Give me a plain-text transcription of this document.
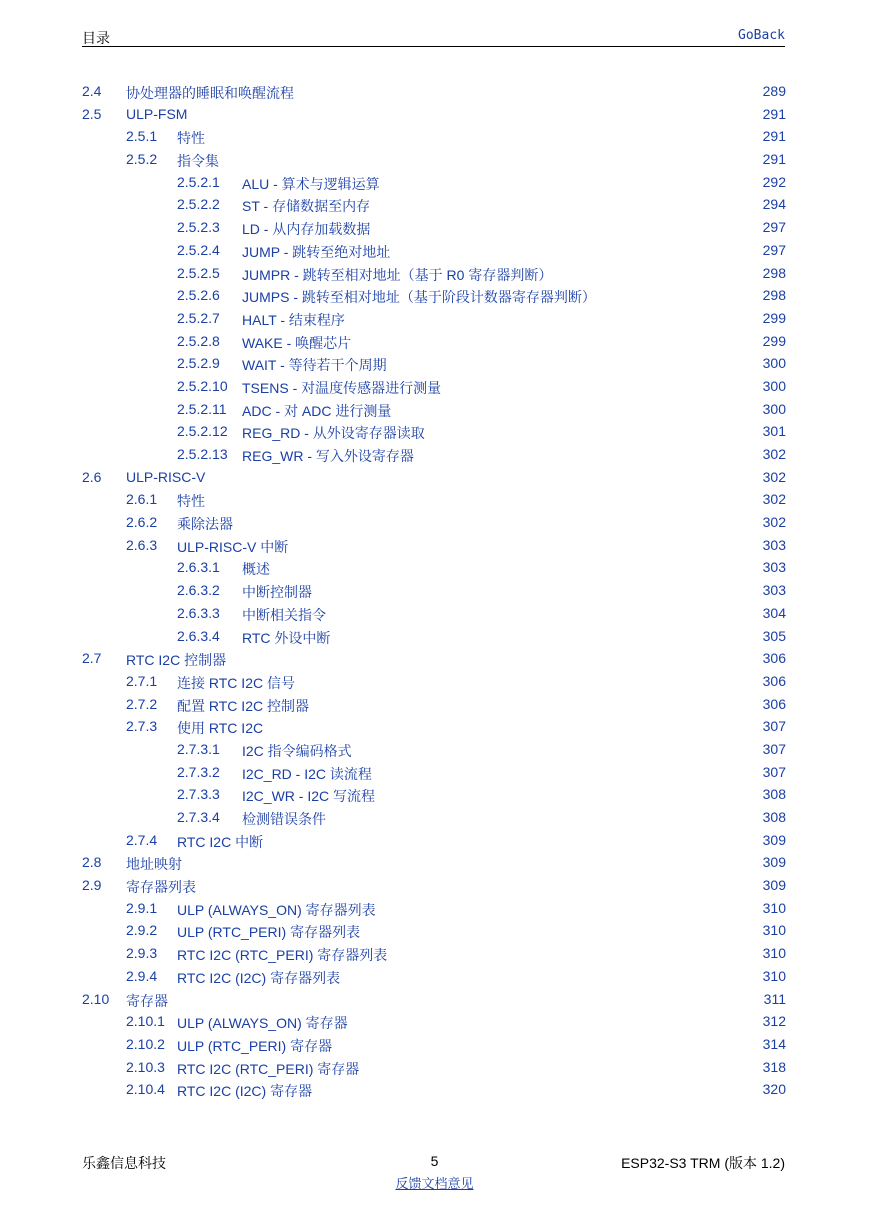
目录	GoBack
2.4 协处理器的睡眠和唤醒流程	289
2.5 ULP-FSM	291
2.5.1 特性	291
2.5.2 指令集	291
2.5.2.1 ALU - 算术与逻辑运算	292
2.5.2.2 ST - 存储数据至内存	294
2.5.2.3 LD - 从内存加载数据	297
2.5.2.4 JUMP - 跳转至绝对地址	297
2.5.2.5 JUMPR - 跳转至相对地址（基于 R0 寄存器判断）	298
2.5.2.6 JUMPS - 跳转至相对地址（基于阶段计数器寄存器判断）	298
2.5.2.7 HALT - 结束程序	299
2.5.2.8 WAKE - 唤醒芯片	299
2.5.2.9 WAIT - 等待若干个周期	300
2.5.2.10 TSENS - 对温度传感器进行测量	300
2.5.2.11 ADC - 对 ADC 进行测量	300
2.5.2.12 REG_RD - 从外设寄存器读取	301
2.5.2.13 REG_WR - 写入外设寄存器	302
2.6 ULP-RISC-V	302
2.6.1 特性	302
2.6.2 乘除法器	302
2.6.3 ULP-RISC-V 中断	303
2.6.3.1 概述	303
2.6.3.2 中断控制器	303
2.6.3.3 中断相关指令	304
2.6.3.4 RTC 外设中断	305
2.7 RTC I2C 控制器	306
2.7.1 连接 RTC I2C 信号	306
2.7.2 配置 RTC I2C 控制器	306
2.7.3 使用 RTC I2C	307
2.7.3.1 I2C 指令编码格式	307
2.7.3.2 I2C_RD - I2C 读流程	307
2.7.3.3 I2C_WR - I2C 写流程	308
2.7.3.4 检测错误条件	308
2.7.4 RTC I2C 中断	309
2.8 地址映射	309
2.9 寄存器列表	309
2.9.1 ULP (ALWAYS_ON) 寄存器列表	310
2.9.2 ULP (RTC_PERI) 寄存器列表	310
2.9.3 RTC I2C (RTC_PERI) 寄存器列表	310
2.9.4 RTC I2C (I2C) 寄存器列表	310
2.10 寄存器	311
2.10.1 ULP (ALWAYS_ON) 寄存器	312
2.10.2 ULP (RTC_PERI) 寄存器	314
2.10.3 RTC I2C (RTC_PERI) 寄存器	318
2.10.4 RTC I2C (I2C) 寄存器	320
乐鑫信息科技	5	ESP32-S3 TRM (版本 1.2)
反馈文档意见
